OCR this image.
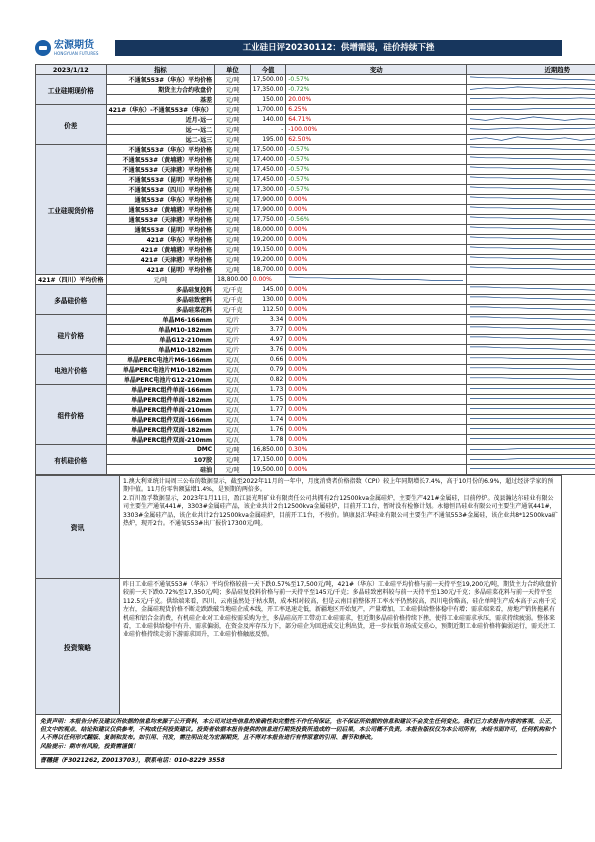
宏源期货
HONGYUAN FUTURES
工业硅日评20230112：供增需弱，硅价持续下挫
2023/1/12	指标	单位	今值	变动	近期趋势
工业硅期现价格	不通氧553#（华东）平均价格	元/吨	17,500.00	-0.57%	

	期货主力合约收盘价	元/吨	17,350.00	-0.72%	

	基差	元/吨	150.00	20.00%	

价差	421#（华东）-不通氧553#（华东）	元/吨	1,700.00	6.25%	

	近月-远一	元/吨	140.00	64.71%	

	远一-远二	元/吨	-	-100.00%	

	远二-远三	元/吨	195.00	62.50%	

工业硅现货价格	不通氧553#（华东）平均价格	元/吨	17,500.00	-0.57%	

	不通氧553#（黄埔港）平均价格	元/吨	17,400.00	-0.57%	

	不通氧553#（天津港）平均价格	元/吨	17,450.00	-0.57%	

	不通氧553#（昆明）平均价格	元/吨	17,450.00	-0.57%	

	不通氧553#（四川）平均价格	元/吨	17,300.00	-0.57%	

	通氧553#（华东）平均价格	元/吨	17,900.00	0.00%	

	通氧553#（黄埔港）平均价格	元/吨	17,900.00	0.00%	

	通氧553#（天津港）平均价格	元/吨	17,750.00	-0.56%	

	通氧553#（昆明）平均价格	元/吨	18,000.00	0.00%	

	421#（华东）平均价格	元/吨	19,200.00	0.00%	

	421#（黄埔港）平均价格	元/吨	19,150.00	0.00%	

	421#（天津港）平均价格	元/吨	19,200.00	0.00%	

	421#（昆明）平均价格	元/吨	18,700.00	0.00%	

421#（四川）平均价格	元/吨	18,800.00	0.00%	

多晶硅价格	多晶硅复投料	元/千克	145.00	0.00%	

	多晶硅致密料	元/千克	130.00	0.00%	

	多晶硅菜花料	元/千克	112.50	0.00%	

硅片价格	单晶M6-166mm	元/片	3.34	0.00%	

	单晶M10-182mm	元/片	3.77	0.00%	

	单晶G12-210mm	元/片	4.97	0.00%	

	单晶M10-182mm	元/片	3.76	0.00%	

电池片价格	单晶PERC电池片M6-166mm	元/瓦	0.66	0.00%	

	单晶PERC电池片M10-182mm	元/瓦	0.79	0.00%	

	单晶PERC电池片G12-210mm	元/瓦	0.82	0.00%	

组件价格	单晶PERC组件单面-166mm	元/瓦	1.73	0.00%	

	单晶PERC组件单面-182mm	元/瓦	1.75	0.00%	

	单晶PERC组件单面-210mm	元/瓦	1.77	0.00%	

	单晶PERC组件双面-166mm	元/瓦	1.74	0.00%	

	单晶PERC组件双面-182mm	元/瓦	1.76	0.00%	

	单晶PERC组件双面-210mm	元/瓦	1.78	0.00%	

有机硅价格	DMC	元/吨	16,850.00	0.30%	

	107胶	元/吨	17,150.00	0.00%	

	硅油	元/吨	19,500.00	0.00%	
资讯	1.澳大利亚统计局周三公布的数据显示，截至2022年11月的一年中，月度消费者价格指数（CPI）较上年同期增长7.4%，高于10月份的6.9%，超过经济学家的预期中值。11月份零售额猛增1.4%，是预期的两倍多。
2.百川盈孚数据显示，2023年1月11日，盈江县光明矿业有限责任公司共拥有2台12500kva金属硅炉，主要生产421#金属硅，目前停炉。茂县瀚达尔硅业有限公司主要生产通氧441#，3303#金属硅产品，该企业共计2台12500kva金属硅炉，目前开工1台，暂时没有检修计划。永德恒昌硅业有限公司主要生产通氧441#，3303#金属硅产品，该企业共计2台12500kva金属硅炉，目前开工1台，不按价。镇康县汇华硅业有限公司主要生产不通氧553#金属硅，该企业共8*12500kva矿热炉，现开2台。不通氧553#出厂报价17300元/吨。

投资策略	昨日工业硅不通氧553#（华东）平均价格较前一天下跌0.57%至17,500元/吨，421#（华东）工业硅平均价格与前一天持平至19,200元/吨，期货主力合约收盘价较前一天下跌0.72%至17,350元/吨；多晶硅复投料价格与前一天持平至145元/千克；多晶硅致密料较与前一天持平至130元/千克；多晶硅菜花料与前一天持平至112.5元/千克。供给端来看，四川、云南虽然处于枯水期，成本相对较高，但是云南目前整体开工率水平仍然较高，四川电价略高，硅企单吨生产成本高于云南千元左右，金属硅现货价格不断走跌跌破当地硅企成本线，开工率迅速走低，新疆地区开始复产，产量增加，工业硅供给整体稳中有增；需求端来看，房地产销售拖累有机硅和铝合金消费，有机硅企业对工业硅按需采购为主，多晶硅高开工带动工业硅需求，但近期多晶硅价格持续下挫，使得工业硅需求承压，需求持续疲弱。整体来看，工业硅供给稳中有升、需求偏弱，在资金及库存压力下，部分硅企为回进成交让利出货，进一步拉低市场成交重心，预期近期工业硅价格将偏弱运行，需关注工业硅价格持续走弱下游需求回升，工业硅价格触底反弹。
免责声明：本报告分析及建议所依据的信息均来源于公开资料，本公司对这些信息的准确性和完整性不作任何保证，也不保证所依据的信息和建议不会发生任何变化。我们已力求报告内容的客观、公正，但文中的观点、结论和建议仅供参考，不构成任何投资建议。投资者依据本报告提供的信息进行期货投资所造成的一切后果，本公司概不负责。本报告版权仅为本公司所有，未经书面许可，任何机构和个人不得以任何形式翻版、复制和发布。如引用、刊发，需注明出处为宏源期货，且不得对本报告进行有悖原意的引用、删节和修改。
风险提示：期市有风险，投资需谨慎！
曹穗捷（F3021262, Z0013703），联系电话：010-8229 3558
